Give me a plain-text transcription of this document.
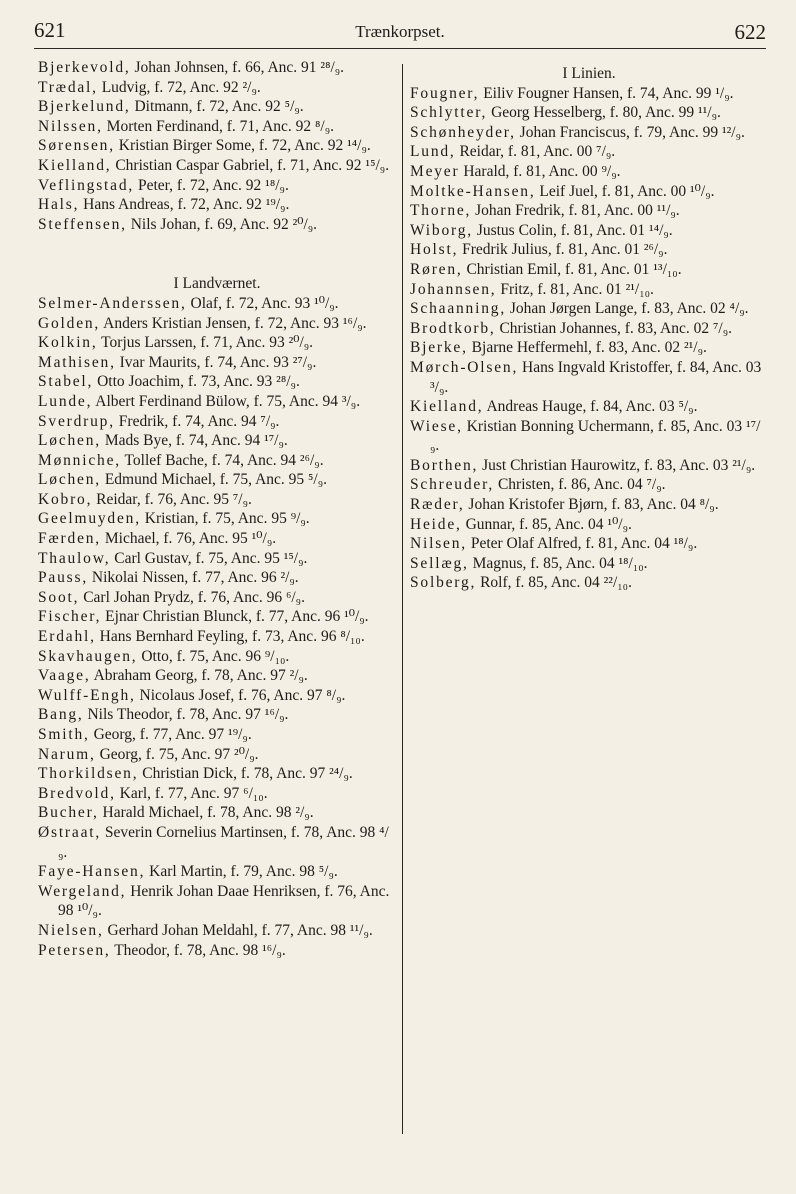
621	Trænkorpset.	622

Bjerkevold, Johan Johnsen, f. 66, Anc. 91 ²⁸/₉.

Trædal, Ludvig, f. 72, Anc. 92 ²/₉.

Bjerkelund, Ditmann, f. 72, Anc. 92 ⁵/₉.

Nilssen, Morten Ferdinand, f. 71, Anc. 92 ⁸/₉.

Sørensen, Kristian Birger Some, f. 72, Anc. 92 ¹⁴/₉.

Kielland, Christian Caspar Gabriel, f. 71, Anc. 92 ¹⁵/₉.

Veflingstad, Peter, f. 72, Anc. 92 ¹⁸/₉.

Hals, Hans Andreas, f. 72, Anc. 92 ¹⁹/₉.

Steffensen, Nils Johan, f. 69, Anc. 92 ²⁰/₉.

I Landværnet.

Selmer-Anderssen, Olaf, f. 72, Anc. 93 ¹⁰/₉.

Golden, Anders Kristian Jensen, f. 72, Anc. 93 ¹⁶/₉.

Kolkin, Torjus Larssen, f. 71, Anc. 93 ²⁰/₉.

Mathisen, Ivar Maurits, f. 74, Anc. 93 ²⁷/₉.

Stabel, Otto Joachim, f. 73, Anc. 93 ²⁸/₉.

Lunde, Albert Ferdinand Bülow, f. 75, Anc. 94 ³/₉.

Sverdrup, Fredrik, f. 74, Anc. 94 ⁷/₉.

Løchen, Mads Bye, f. 74, Anc. 94 ¹⁷/₉.

Mønniche, Tollef Bache, f. 74, Anc. 94 ²⁶/₉.

Løchen, Edmund Michael, f. 75, Anc. 95 ⁵/₉.

Kobro, Reidar, f. 76, Anc. 95 ⁷/₉.

Geelmuyden, Kristian, f. 75, Anc. 95 ⁹/₉.

Færden, Michael, f. 76, Anc. 95 ¹⁰/₉.

Thaulow, Carl Gustav, f. 75, Anc. 95 ¹⁵/₉.

Pauss, Nikolai Nissen, f. 77, Anc. 96 ²/₉.

Soot, Carl Johan Prydz, f. 76, Anc. 96 ⁶/₉.

Fischer, Ejnar Christian Blunck, f. 77, Anc. 96 ¹⁰/₉.

Erdahl, Hans Bernhard Feyling, f. 73, Anc. 96 ⁸/₁₀.

Skavhaugen, Otto, f. 75, Anc. 96 ⁹/₁₀.

Vaage, Abraham Georg, f. 78, Anc. 97 ²/₉.

Wulff-Engh, Nicolaus Josef, f. 76, Anc. 97 ⁸/₉.

Bang, Nils Theodor, f. 78, Anc. 97 ¹⁶/₉.

Smith, Georg, f. 77, Anc. 97 ¹⁹/₉.

Narum, Georg, f. 75, Anc. 97 ²⁰/₉.

Thorkildsen, Christian Dick, f. 78, Anc. 97 ²⁴/₉.

Bredvold, Karl, f. 77, Anc. 97 ⁶/₁₀.

Bucher, Harald Michael, f. 78, Anc. 98 ²/₉.

Østraat, Severin Cornelius Martinsen, f. 78, Anc. 98 ⁴/₉.

Faye-Hansen, Karl Martin, f. 79, Anc. 98 ⁵/₉.

Wergeland, Henrik Johan Daae Henriksen, f. 76, Anc. 98 ¹⁰/₉.

Nielsen, Gerhard Johan Meldahl, f. 77, Anc. 98 ¹¹/₉.

Petersen, Theodor, f. 78, Anc. 98 ¹⁶/₉.

I Linien.

Fougner, Eiliv Fougner Hansen, f. 74, Anc. 99 ¹/₉.

Schlytter, Georg Hesselberg, f. 80, Anc. 99 ¹¹/₉.

Schønheyder, Johan Franciscus, f. 79, Anc. 99 ¹²/₉.

Lund, Reidar, f. 81, Anc. 00 ⁷/₉.

Meyer Harald, f. 81, Anc. 00 ⁹/₉.

Moltke-Hansen, Leif Juel, f. 81, Anc. 00 ¹⁰/₉.

Thorne, Johan Fredrik, f. 81, Anc. 00 ¹¹/₉.

Wiborg, Justus Colin, f. 81, Anc. 01 ¹⁴/₉.

Holst, Fredrik Julius, f. 81, Anc. 01 ²⁶/₉.

Røren, Christian Emil, f. 81, Anc. 01 ¹³/₁₀.

Johannsen, Fritz, f. 81, Anc. 01 ²¹/₁₀.

Schaanning, Johan Jørgen Lange, f. 83, Anc. 02 ⁴/₉.

Brodtkorb, Christian Johannes, f. 83, Anc. 02 ⁷/₉.

Bjerke, Bjarne Heffermehl, f. 83, Anc. 02 ²¹/₉.

Mørch-Olsen, Hans Ingvald Kristoffer, f. 84, Anc. 03 ³/₉.

Kielland, Andreas Hauge, f. 84, Anc. 03 ⁵/₉.

Wiese, Kristian Bonning Uchermann, f. 85, Anc. 03 ¹⁷/₉.

Borthen, Just Christian Haurowitz, f. 83, Anc. 03 ²¹/₉.

Schreuder, Christen, f. 86, Anc. 04 ⁷/₉.

Ræder, Johan Kristofer Bjørn, f. 83, Anc. 04 ⁸/₉.

Heide, Gunnar, f. 85, Anc. 04 ¹⁰/₉.

Nilsen, Peter Olaf Alfred, f. 81, Anc. 04 ¹⁸/₉.

Sellæg, Magnus, f. 85, Anc. 04 ¹⁸/₁₀.

Solberg, Rolf, f. 85, Anc. 04 ²²/₁₀.
